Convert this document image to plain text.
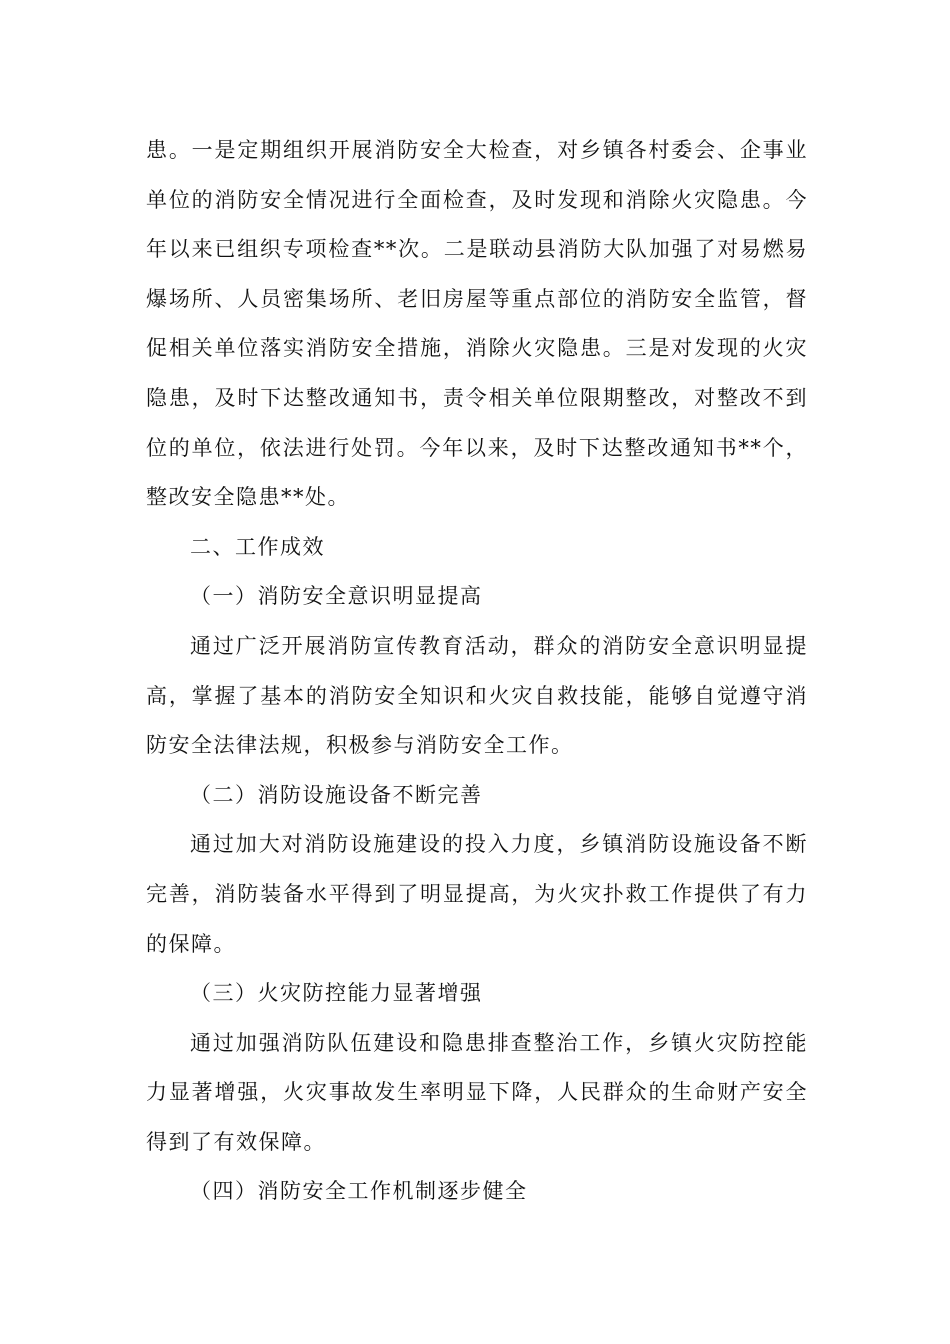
患。一是定期组织开展消防安全大检查，对乡镇各村委会、企事业单位的消防安全情况进行全面检查，及时发现和消除火灾隐患。今年以来已组织专项检查**次。二是联动县消防大队加强了对易燃易爆场所、人员密集场所、老旧房屋等重点部位的消防安全监管，督促相关单位落实消防安全措施，消除火灾隐患。三是对发现的火灾隐患，及时下达整改通知书，责令相关单位限期整改，对整改不到位的单位，依法进行处罚。今年以来，及时下达整改通知书**个，整改安全隐患**处。

二、工作成效

（一）消防安全意识明显提高

通过广泛开展消防宣传教育活动，群众的消防安全意识明显提高，掌握了基本的消防安全知识和火灾自救技能，能够自觉遵守消防安全法律法规，积极参与消防安全工作。

（二）消防设施设备不断完善

通过加大对消防设施建设的投入力度，乡镇消防设施设备不断完善，消防装备水平得到了明显提高，为火灾扑救工作提供了有力的保障。

（三）火灾防控能力显著增强

通过加强消防队伍建设和隐患排查整治工作，乡镇火灾防控能力显著增强，火灾事故发生率明显下降，人民群众的生命财产安全得到了有效保障。

（四）消防安全工作机制逐步健全
